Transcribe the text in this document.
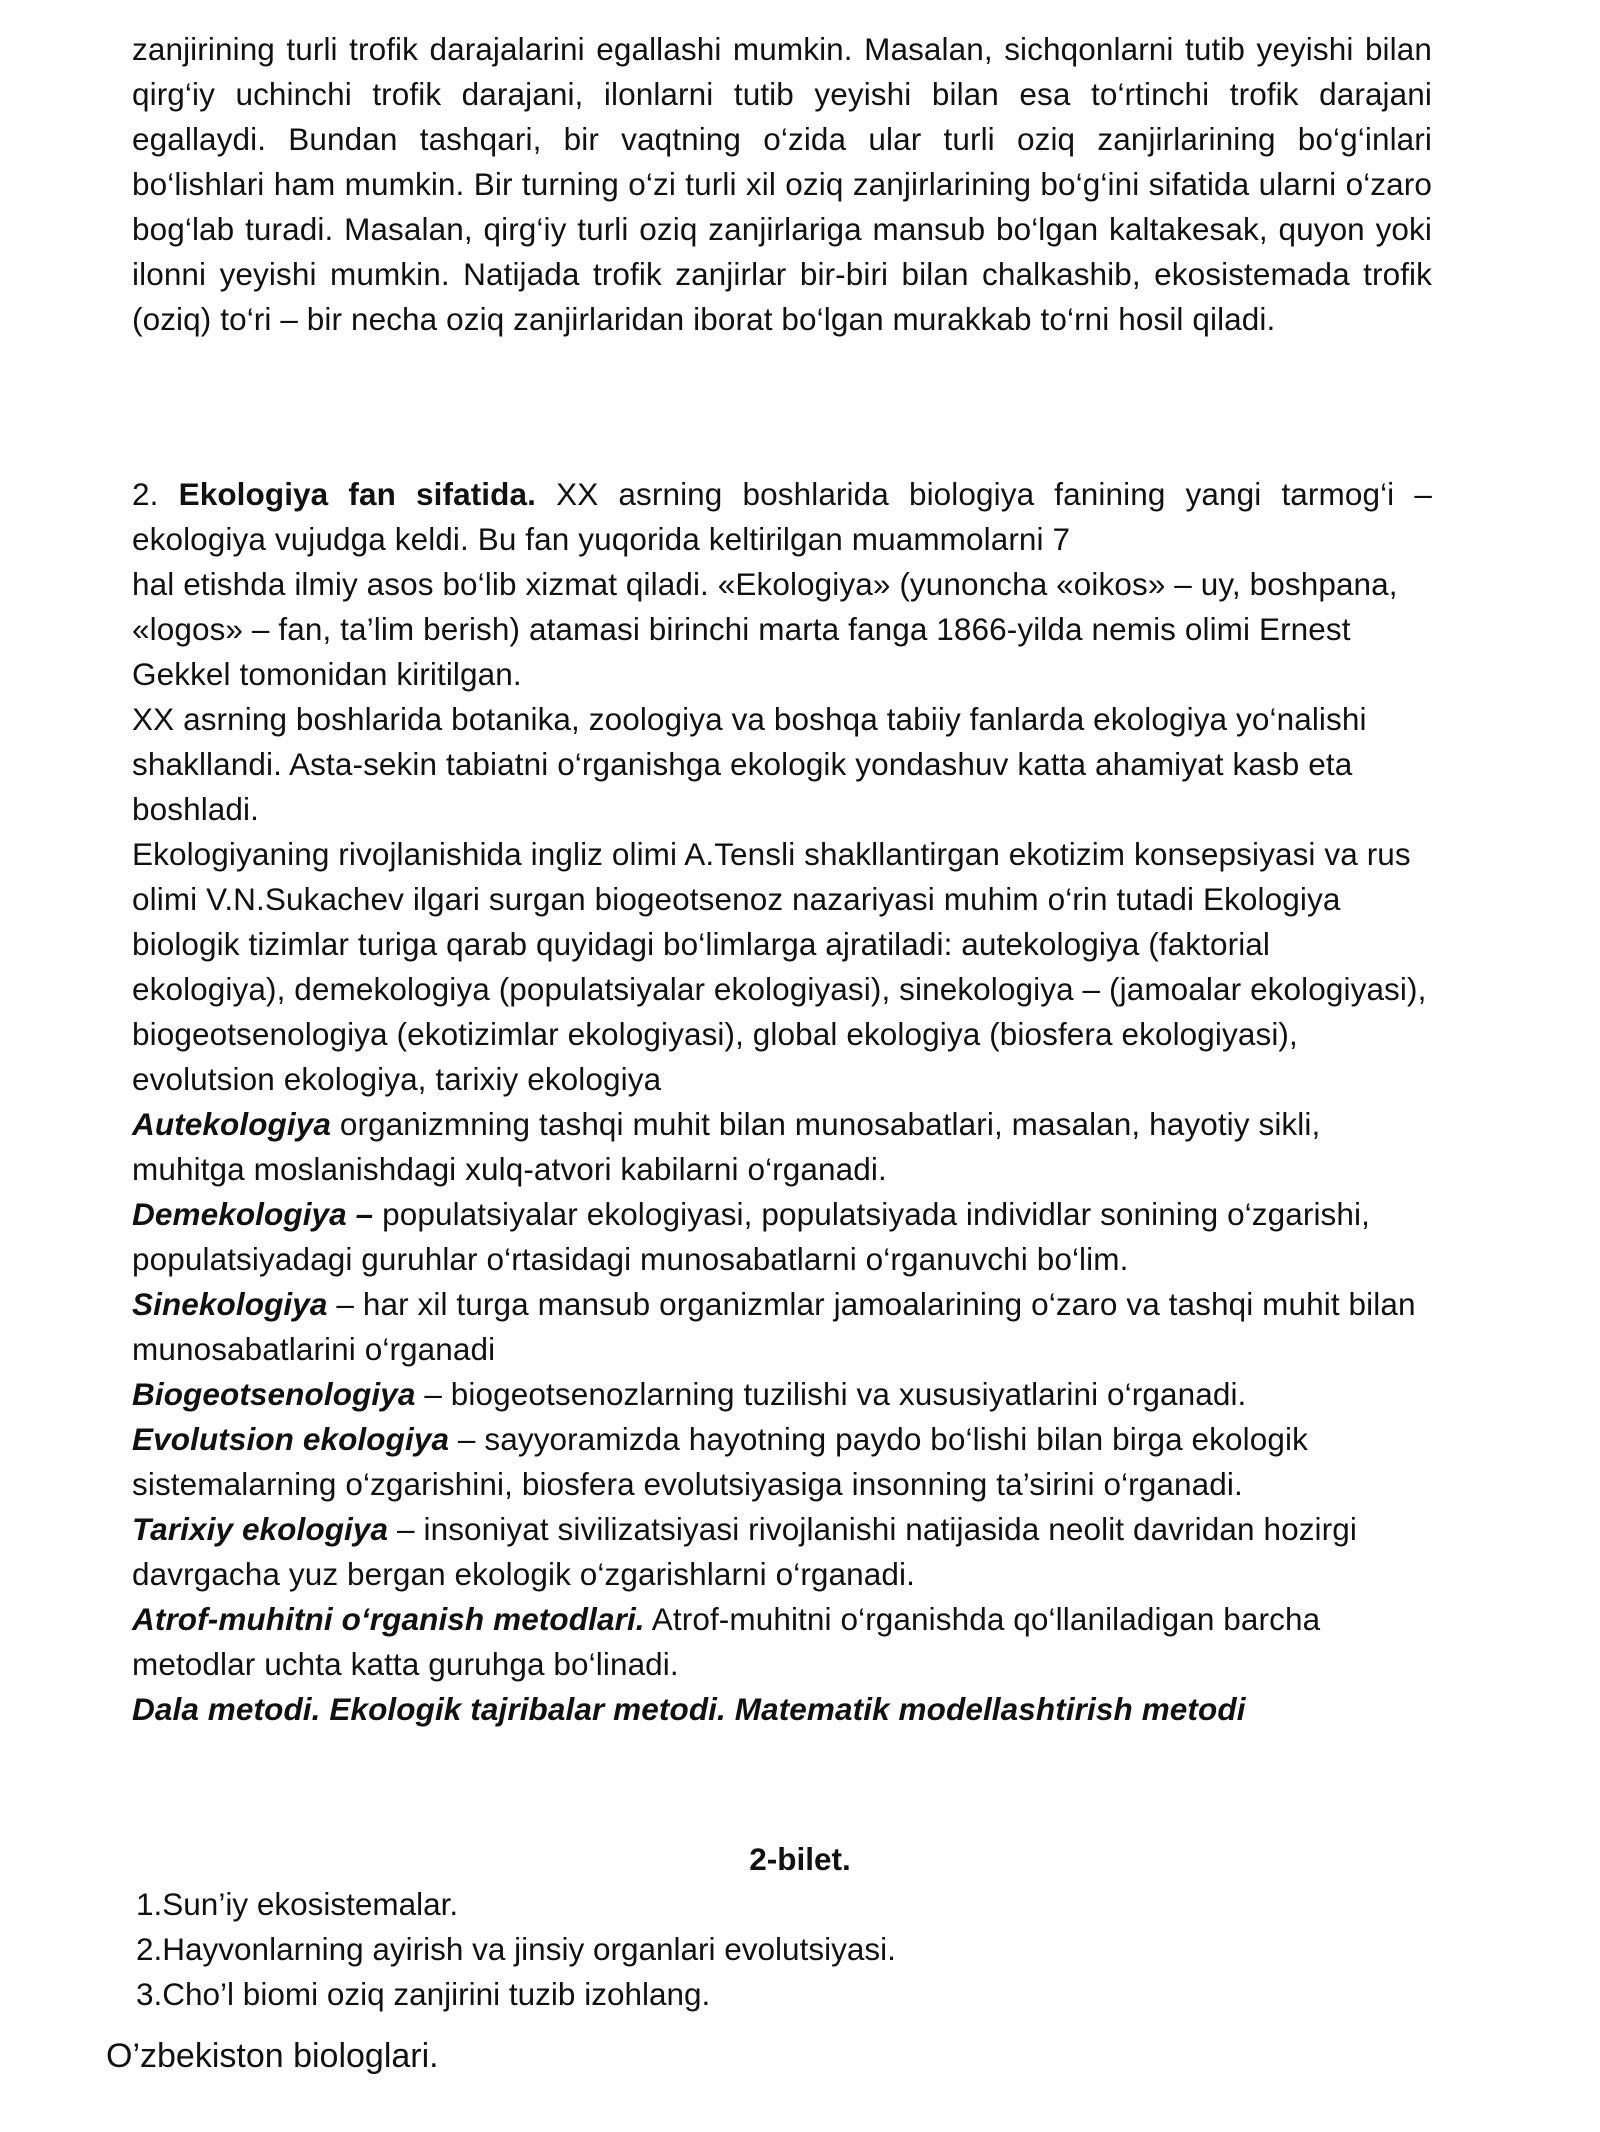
zanjirining turli trofik darajalarini egallashi mumkin. Masalan, sichqonlarni tutib yeyishi bilan qirg‘iy uchinchi trofik darajani, ilonlarni tutib yeyishi bilan esa to‘rtinchi trofik darajani egallaydi. Bundan tashqari, bir vaqtning o‘zida ular turli oziq zanjirlarining bo‘g‘inlari bo‘lishlari ham mumkin. Bir turning o‘zi turli xil oziq zanjirlarining bo‘g‘ini sifatida ularni o‘zaro bog‘lab turadi. Masalan, qirg‘iy turli oziq zanjirlariga mansub bo‘lgan kaltakesak, quyon yoki ilonni yeyishi mumkin. Natijada trofik zanjirlar bir-biri bilan chalkashib, ekosistemada trofik (oziq) to‘ri – bir necha oziq zanjirlaridan iborat bo‘lgan murakkab to‘rni hosil qiladi.

2. Ekologiya fan sifatida. XX asrning boshlarida biologiya fanining yangi tarmog‘i – ekologiya vujudga keldi. Bu fan yuqorida keltirilgan muammolarni 7

hal etishda ilmiy asos bo‘lib xizmat qiladi. «Ekologiya» (yunoncha «oikos» – uy, boshpana, «logos» – fan, ta’lim berish) atamasi birinchi marta fanga 1866-yilda nemis olimi Ernest Gekkel tomonidan kiritilgan.

XX asrning boshlarida botanika, zoologiya va boshqa tabiiy fanlarda ekologiya yo‘nalishi shakllandi. Asta-sekin tabiatni o‘rganishga ekologik yondashuv katta ahamiyat kasb eta boshladi.

Ekologiyaning rivojlanishida ingliz olimi A.Tensli shakllantirgan ekotizim konsepsiyasi va rus olimi V.N.Sukachev ilgari surgan biogeotsenoz nazariyasi muhim o‘rin tutadi Ekologiya biologik tizimlar turiga qarab quyidagi bo‘limlarga ajratiladi: autekologiya (faktorial ekologiya), demekologiya (populatsiyalar ekologiyasi), sinekologiya – (jamoalar ekologiyasi), biogeotsenologiya (ekotizimlar ekologiyasi), global ekologiya (biosfera ekologiyasi), evolutsion ekologiya, tarixiy ekologiya

Autekologiya organizmning tashqi muhit bilan munosabatlari, masalan, hayotiy sikli, muhitga moslanishdagi xulq-atvori kabilarni o‘rganadi.

Demekologiya – populatsiyalar ekologiyasi, populatsiyada individlar sonining o‘zgarishi, populatsiyadagi guruhlar o‘rtasidagi munosabatlarni o‘rganuvchi bo‘lim.

Sinekologiya – har xil turga mansub organizmlar jamoalarining o‘zaro va tashqi muhit bilan munosabatlarini o‘rganadi

Biogeotsenologiya – biogeotsenozlarning tuzilishi va xususiyatlarini o‘rganadi.

Evolutsion ekologiya – sayyoramizda hayotning paydo bo‘lishi bilan birga ekologik sistemalarning o‘zgarishini, biosfera evolutsiyasiga insonning ta’sirini o‘rganadi.

Tarixiy ekologiya – insoniyat sivilizatsiyasi rivojlanishi natijasida neolit davridan hozirgi davrgacha yuz bergan ekologik o‘zgarishlarni o‘rganadi.

Atrof-muhitni o‘rganish metodlari. Atrof-muhitni o‘rganishda qo‘llaniladigan barcha metodlar uchta katta guruhga bo‘linadi.

Dala metodi. Ekologik tajribalar metodi. Matematik modellashtirish metodi

2-bilet.

1.Sun’iy ekosistemalar.

2.Hayvonlarning ayirish va jinsiy organlari evolutsiyasi.

3.Cho’l biomi oziq zanjirini tuzib izohlang.

O’zbekiston biologlari.
